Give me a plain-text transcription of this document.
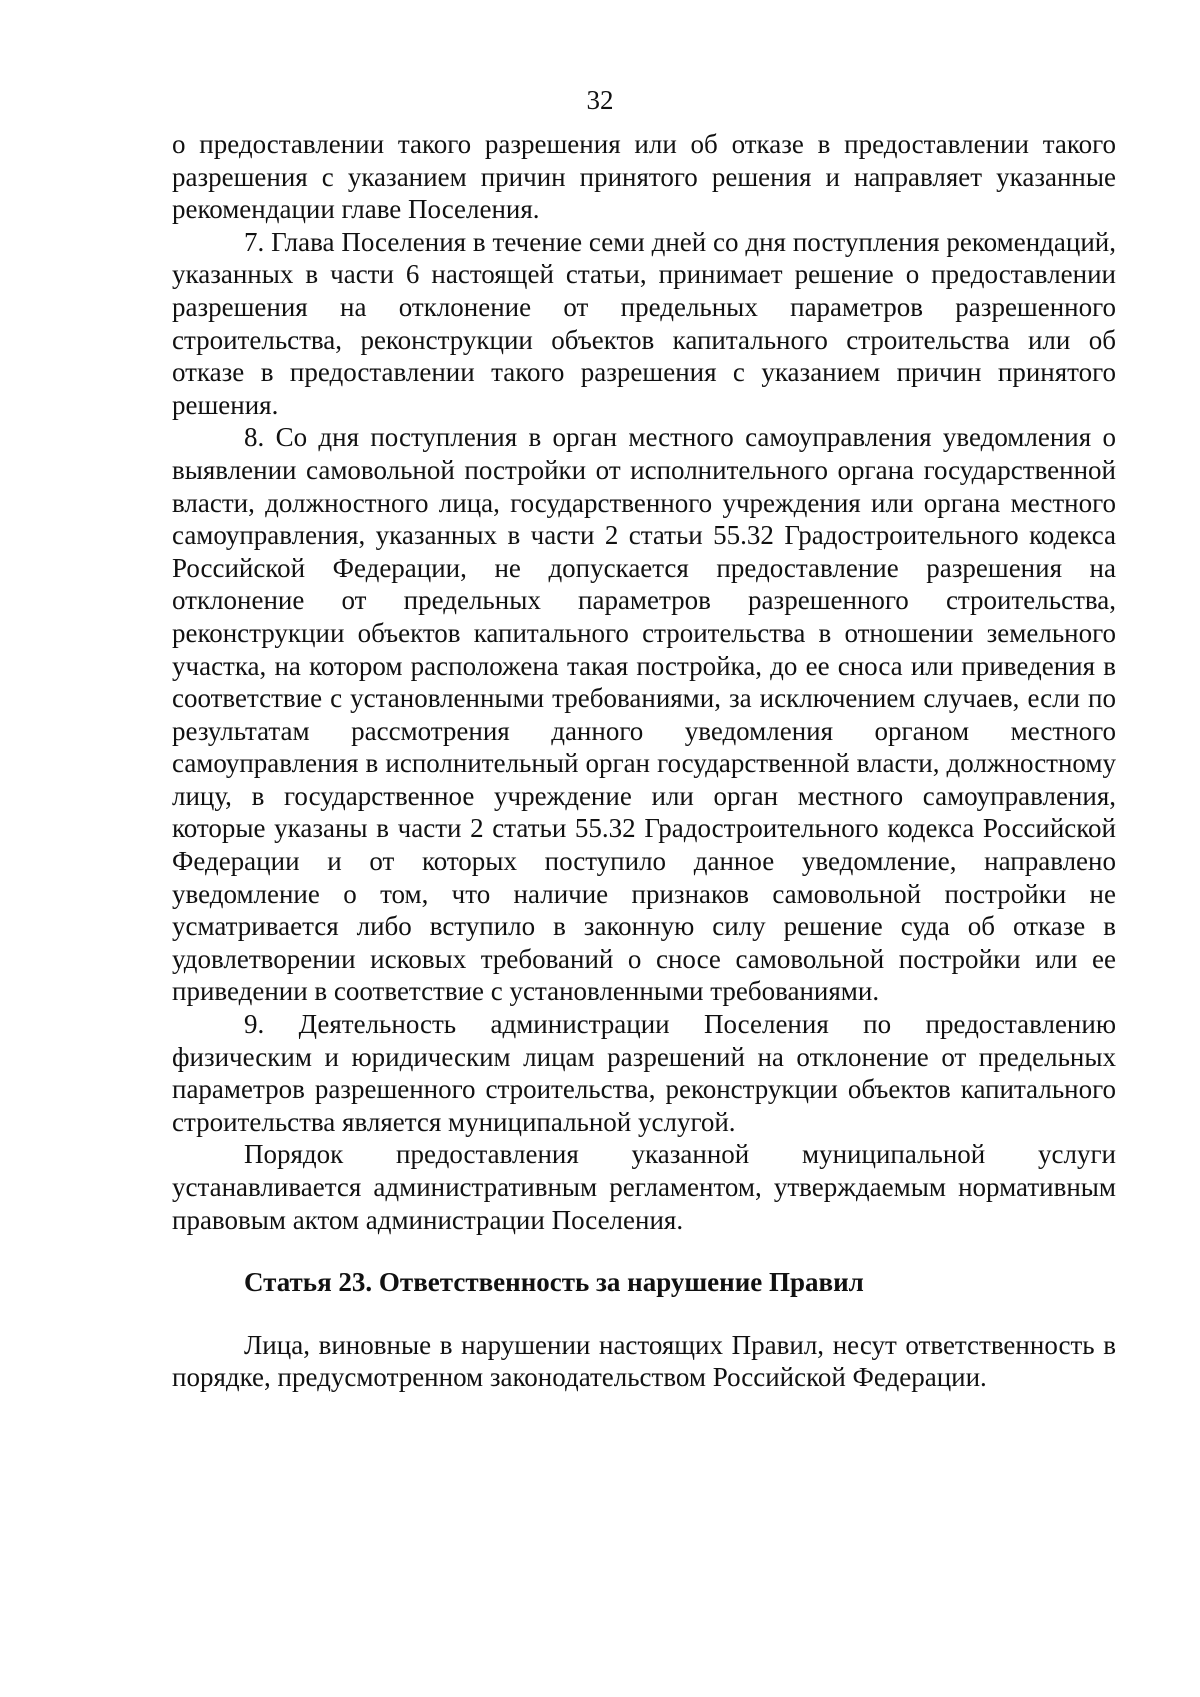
32

о предоставлении такого разрешения или об отказе в предоставлении такого разрешения с указанием причин принятого решения и направляет указанные рекомендации главе Поселения.

7. Глава Поселения в течение семи дней со дня поступления рекомендаций, указанных в части 6 настоящей статьи, принимает решение о предоставлении разрешения на отклонение от предельных параметров разрешенного строительства, реконструкции объектов капитального строительства или об отказе в предоставлении такого разрешения с указанием причин принятого решения.

8. Со дня поступления в орган местного самоуправления уведомления о выявлении самовольной постройки от исполнительного органа государственной власти, должностного лица, государственного учреждения или органа местного самоуправления, указанных в части 2 статьи 55.32 Градостроительного кодекса Российской Федерации, не допускается предоставление разрешения на отклонение от предельных параметров разрешенного строительства, реконструкции объектов капитального строительства в отношении земельного участка, на котором расположена такая постройка, до ее сноса или приведения в соответствие с установленными требованиями, за исключением случаев, если по результатам рассмотрения данного уведомления органом местного самоуправления в исполнительный орган государственной власти, должностному лицу, в государственное учреждение или орган местного самоуправления, которые указаны в части 2 статьи 55.32 Градостроительного кодекса Российской Федерации и от которых поступило данное уведомление, направлено уведомление о том, что наличие признаков самовольной постройки не усматривается либо вступило в законную силу решение суда об отказе в удовлетворении исковых требований о сносе самовольной постройки или ее приведении в соответствие с установленными требованиями.

9. Деятельность администрации Поселения по предоставлению физическим и юридическим лицам разрешений на отклонение от предельных параметров разрешенного строительства, реконструкции объектов капитального строительства является муниципальной услугой.

Порядок предоставления указанной муниципальной услуги устанавливается административным регламентом, утверждаемым нормативным правовым актом администрации Поселения.

Статья 23. Ответственность за нарушение Правил

Лица, виновные в нарушении настоящих Правил, несут ответственность в порядке, предусмотренном законодательством Российской Федерации.
